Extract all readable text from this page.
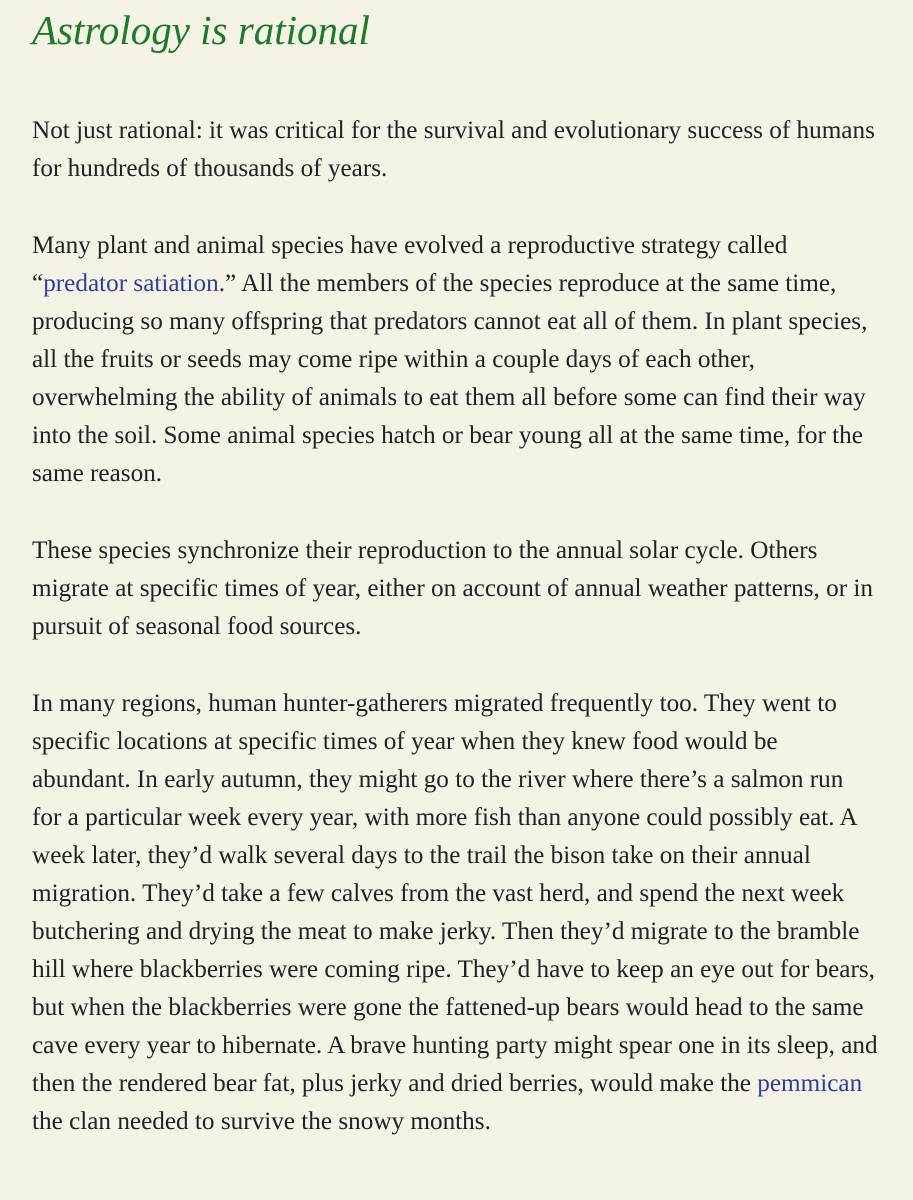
Astrology is rational

Not just rational: it was critical for the survival and evolutionary success of humans for hundreds of thousands of years.

Many plant and animal species have evolved a reproductive strategy called “predator satiation.” All the members of the species reproduce at the same time, producing so many offspring that predators cannot eat all of them. In plant species, all the fruits or seeds may come ripe within a couple days of each other, overwhelming the ability of animals to eat them all before some can find their way into the soil. Some animal species hatch or bear young all at the same time, for the same reason.

These species synchronize their reproduction to the annual solar cycle. Others migrate at specific times of year, either on account of annual weather patterns, or in pursuit of seasonal food sources.

In many regions, human hunter-gatherers migrated frequently too. They went to specific locations at specific times of year when they knew food would be abundant. In early autumn, they might go to the river where there’s a salmon run for a particular week every year, with more fish than anyone could possibly eat. A week later, they’d walk several days to the trail the bison take on their annual migration. They’d take a few calves from the vast herd, and spend the next week butchering and drying the meat to make jerky. Then they’d migrate to the bramble hill where blackberries were coming ripe. They’d have to keep an eye out for bears, but when the blackberries were gone the fattened-up bears would head to the same cave every year to hibernate. A brave hunting party might spear one in its sleep, and then the rendered bear fat, plus jerky and dried berries, would make the pemmican the clan needed to survive the snowy months.
